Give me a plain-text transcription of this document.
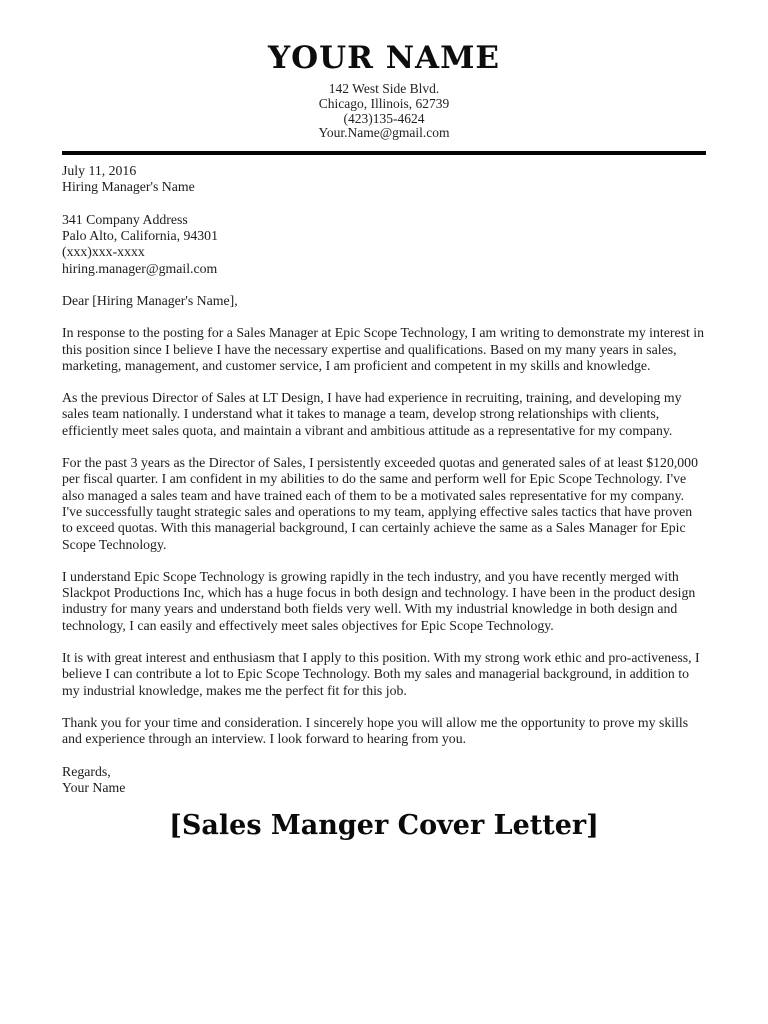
YOUR NAME
142 West Side Blvd.
Chicago, Illinois, 62739
(423)135-4624
Your.Name@gmail.com
July 11, 2016
Hiring Manager's Name
341 Company Address
Palo Alto, California, 94301
(xxx)xxx-xxxx
hiring.manager@gmail.com
Dear [Hiring Manager's Name],

In response to the posting for a Sales Manager at Epic Scope Technology, I am writing to demonstrate my interest in this position since I believe I have the necessary expertise and qualifications. Based on my many years in sales, marketing, management, and customer service, I am proficient and competent in my skills and knowledge.

As the previous Director of Sales at LT Design, I have had experience in recruiting, training, and developing my sales team nationally. I understand what it takes to manage a team, develop strong relationships with clients, efficiently meet sales quota, and maintain a vibrant and ambitious attitude as a representative for my company.

For the past 3 years as the Director of Sales, I persistently exceeded quotas and generated sales of at least $120,000 per fiscal quarter. I am confident in my abilities to do the same and perform well for Epic Scope Technology. I've also managed a sales team and have trained each of them to be a motivated sales representative for my company. I've successfully taught strategic sales and operations to my team, applying effective sales tactics that have proven to exceed quotas. With this managerial background, I can certainly achieve the same as a Sales Manager for Epic Scope Technology.

I understand Epic Scope Technology is growing rapidly in the tech industry, and you have recently merged with Slackpot Productions Inc, which has a huge focus in both design and technology. I have been in the product design industry for many years and understand both fields very well. With my industrial knowledge in both design and technology, I can easily and effectively meet sales objectives for Epic Scope Technology.

It is with great interest and enthusiasm that I apply to this position. With my strong work ethic and pro-activeness, I believe I can contribute a lot to Epic Scope Technology. Both my sales and managerial background, in addition to my industrial knowledge, makes me the perfect fit for this job.

Thank you for your time and consideration. I sincerely hope you will allow me the opportunity to prove my skills and experience through an interview. I look forward to hearing from you.

Regards,
Your Name
[Sales Manger Cover Letter]
